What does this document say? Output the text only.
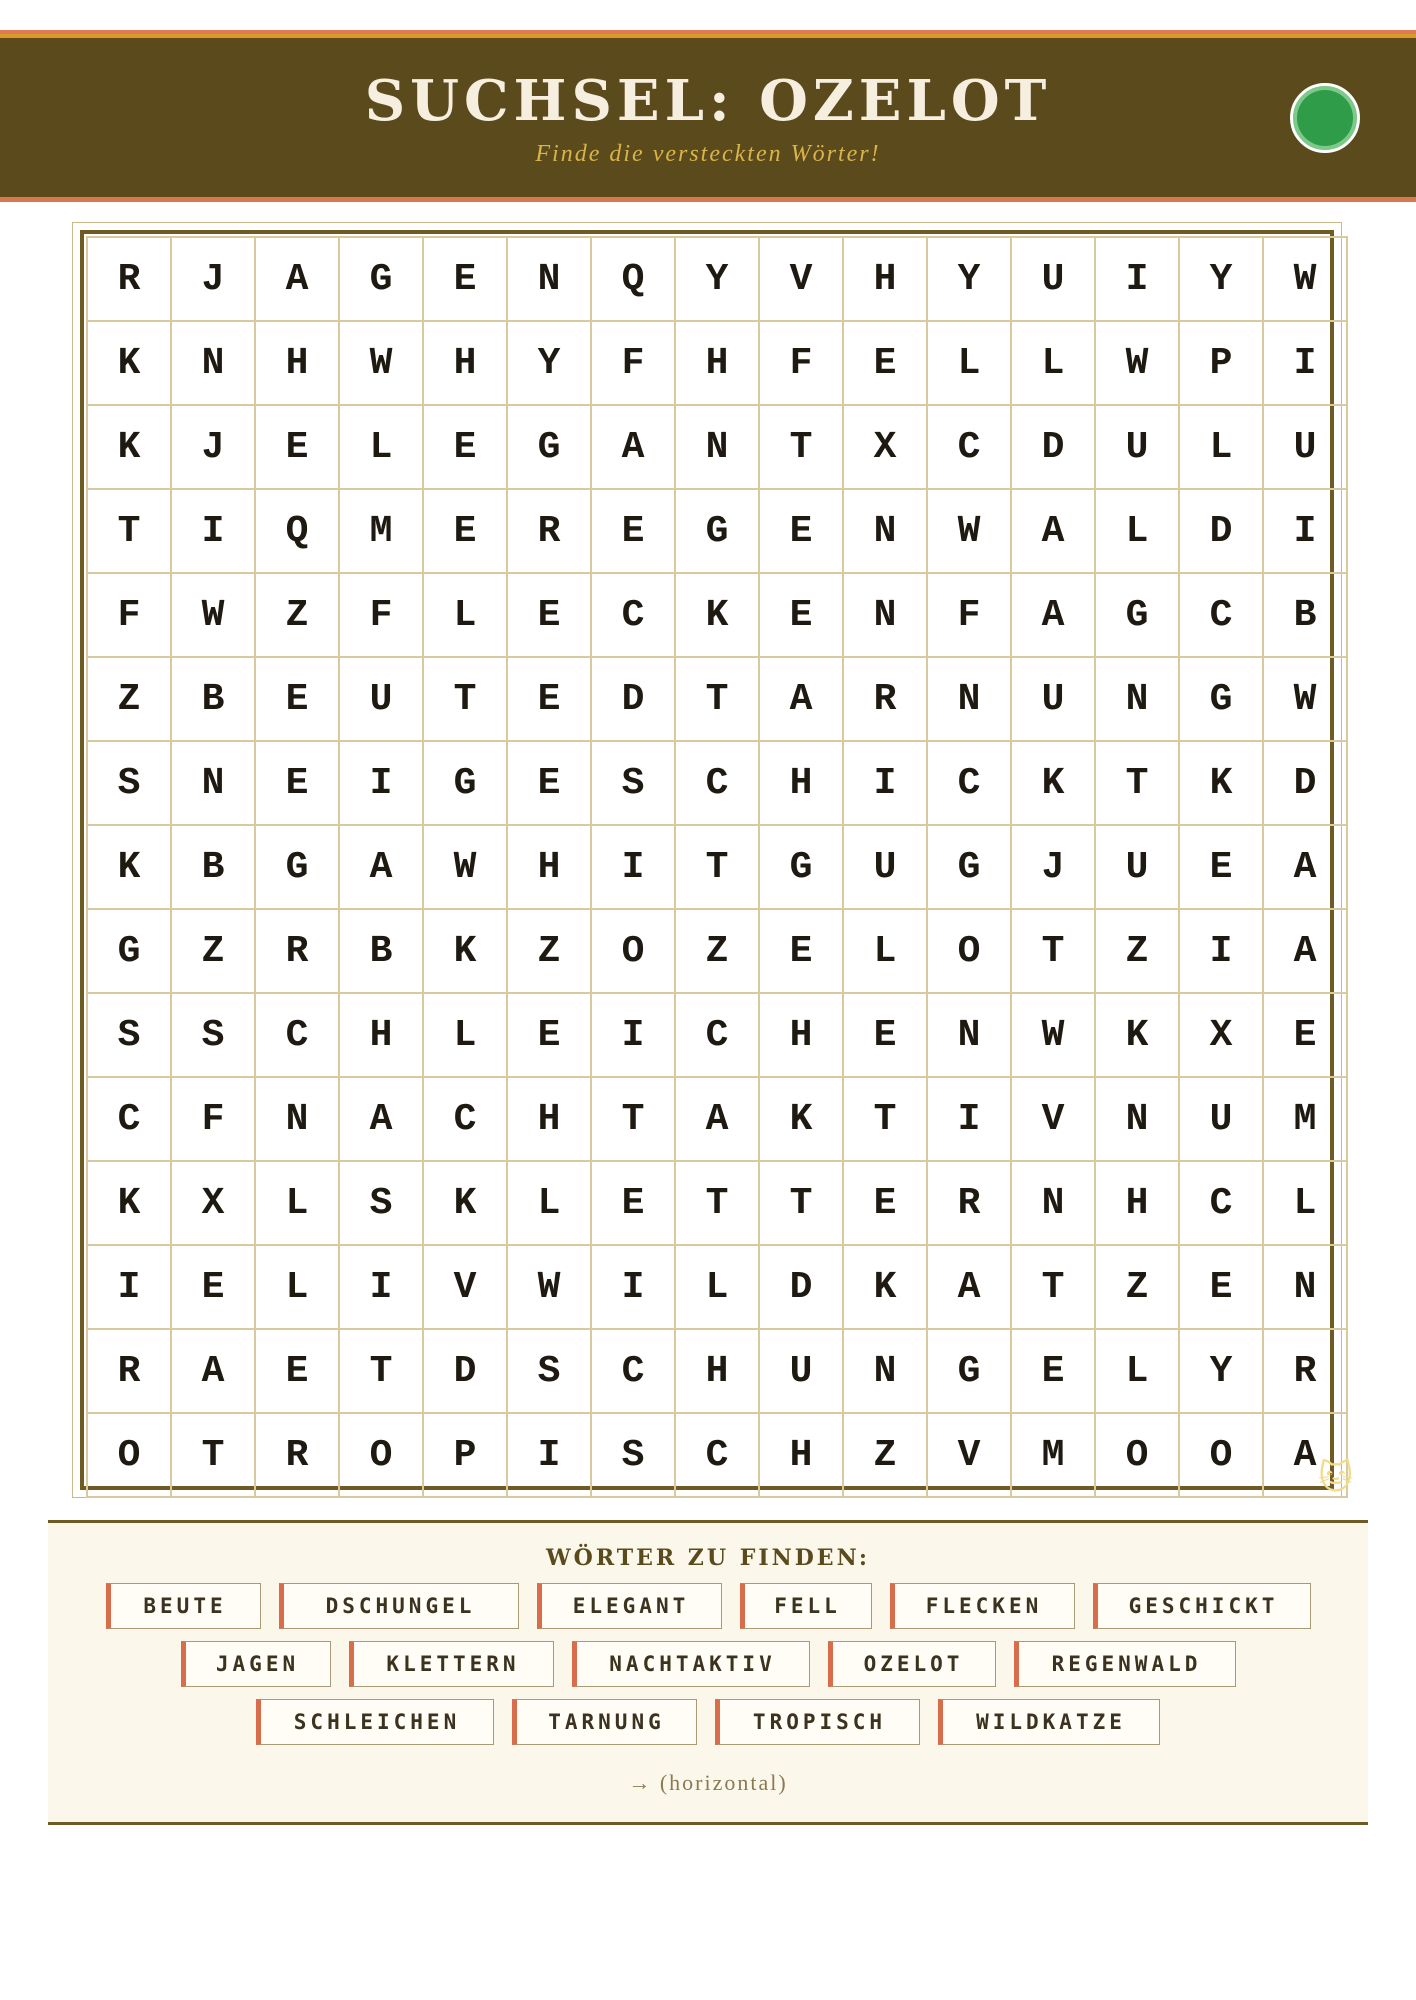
SUCHSEL: OZELOT
Finde die versteckten Wörter!
R	J	A	G	E	N	Q	Y	V	H	Y	U	I	Y	W
K	N	H	W	H	Y	F	H	F	E	L	L	W	P	I
K	J	E	L	E	G	A	N	T	X	C	D	U	L	U
T	I	Q	M	E	R	E	G	E	N	W	A	L	D	I
F	W	Z	F	L	E	C	K	E	N	F	A	G	C	B
Z	B	E	U	T	E	D	T	A	R	N	U	N	G	W
S	N	E	I	G	E	S	C	H	I	C	K	T	K	D
K	B	G	A	W	H	I	T	G	U	G	J	U	E	A
G	Z	R	B	K	Z	O	Z	E	L	O	T	Z	I	A
S	S	C	H	L	E	I	C	H	E	N	W	K	X	E
C	F	N	A	C	H	T	A	K	T	I	V	N	U	M
K	X	L	S	K	L	E	T	T	E	R	N	H	C	L
I	E	L	I	V	W	I	L	D	K	A	T	Z	E	N
R	A	E	T	D	S	C	H	U	N	G	E	L	Y	R
O	T	R	O	P	I	S	C	H	Z	V	M	O	O	A
🐱
WÖRTER ZU FINDEN:
BEUTE	DSCHUNGEL	ELEGANT	FELL	FLECKEN	GESCHICKT
JAGEN	KLETTERN	NACHTAKTIV	OZELOT	REGENWALD
SCHLEICHEN	TARNUNG	TROPISCH	WILDKATZE
→ (horizontal)
